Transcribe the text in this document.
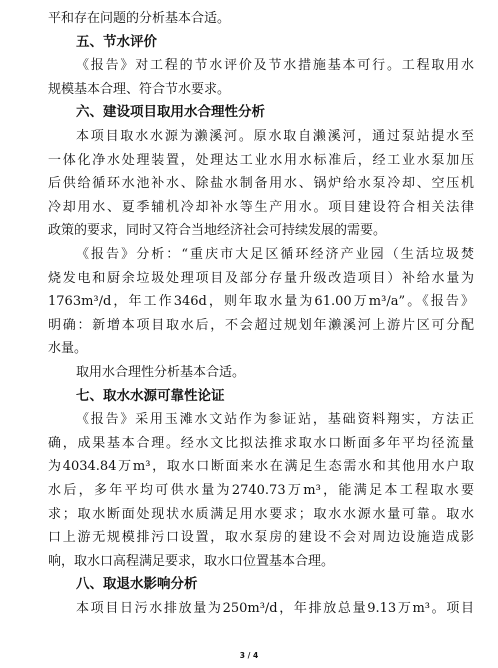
平和存在问题的分析基本合适。
五、节水评价
《报告》对工程的节水评价及节水措施基本可行。工程取用水
规模基本合理、符合节水要求。
六、建设项目取用水合理性分析
本项目取水水源为濑溪河。原水取自濑溪河，通过泵站提水至
一体化净水处理装置，处理达工业水用水标准后，经工业水泵加压
后供给循环水池补水、除盐水制备用水、锅炉给水泵冷却、空压机
冷却用水、夏季辅机冷却补水等生产用水。项目建设符合相关法律
政策的要求，同时又符合当地经济社会可持续发展的需要。
《报告》分析：“重庆市大足区循环经济产业园（生活垃圾焚
烧发电和厨余垃圾处理项目及部分存量升级改造项目）补给水量为
1763m³/d，年工作346d，则年取水量为61.00万m³/a”。《报告》
明确：新增本项目取水后，不会超过规划年濑溪河上游片区可分配
水量。
取用水合理性分析基本合适。
七、取水水源可靠性论证
《报告》采用玉滩水文站作为参证站，基础资料翔实，方法正
确，成果基本合理。经水文比拟法推求取水口断面多年平均径流量
为4034.84万m³，取水口断面来水在满足生态需水和其他用水户取
水后，多年平均可供水量为2740.73万m³，能满足本工程取水要
求；取水断面处现状水质满足用水要求；取水水源水量可靠。取水
口上游无规模排污口设置，取水泵房的建设不会对周边设施造成影
响，取水口高程满足要求，取水口位置基本合理。
八、取退水影响分析
本项目日污水排放量为250m³/d，年排放总量9.13万m³。项目
3 / 4
